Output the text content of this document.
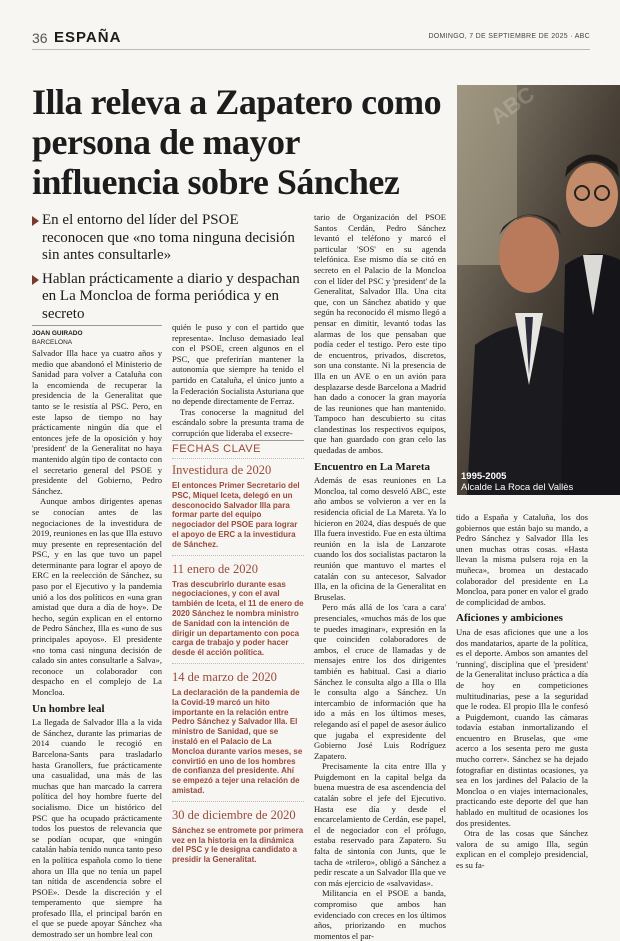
36 ESPAÑA	DOMINGO, 7 DE SEPTIEMBRE DE 2025 · ABC
Illa releva a Zapatero como persona de mayor influencia sobre Sánchez
En el entorno del líder del PSOE reconocen que «no toma ninguna decisión sin antes consultarle»
Hablan prácticamente a diario y despachan en La Moncloa de forma periódica y en secreto
JOAN GUIRADO
BARCELONA

Salvador Illa hace ya cuatro años y medio que abandonó el Ministerio de Sanidad para volver a Cataluña con la encomienda de recuperar la presidencia de la Generalitat que tanto se le resistía al PSC. Pero, en este lapso de tiempo no hay prácticamente ningún día que el entonces jefe de la oposición y hoy 'president' de la Generalitat no haya mantenido algún tipo de contacto con el secretario general del PSOE y presidente del Gobierno, Pedro Sánchez.

Aunque ambos dirigentes apenas se conocían antes de las negociaciones de la investidura de 2019, reuniones en las que Illa estuvo muy presente en representación del PSC, y en las que tuvo un papel determinante para lograr el apoyo de ERC en la reelección de Sánchez, su paso por el Ejecutivo y la pandemia unió a los dos políticos en «una gran amistad que dura a día de hoy». De hecho, según explican en el entorno de Pedro Sánchez, Illa es «uno de sus principales apoyos». El presidente «no toma casi ninguna decisión de calado sin antes consultarle a Salva», reconoce un colaborador con despacho en el complejo de La Moncloa.

Un hombre leal

La llegada de Salvador Illa a la vida de Sánchez, durante las primarias de 2014 cuando le recogió en Barcelona-Sants para trasladarlo hasta Granollers, fue prácticamente una casualidad, una más de las muchas que han marcado la carrera política del hoy hombre fuerte del socialismo. Dice un histórico del PSC que ha ocupado prácticamente todos los puestos de relevancia que se podían ocupar, que «ningún catalán había tenido nunca tanto peso en la política española como lo tiene ahora un Illa que no tenía un papel tan nítida de ascendencia sobre el PSOE». Desde la discreción y el temperamento que siempre ha profesado Illa, el principal barón en el que se puede apoyar Sánchez «ha demostrado ser un hombre leal con

quién le puso y con el partido que representa». Incluso demasiado leal con el PSOE, creen algunos en el PSC, que preferirían mantener la autonomía que siempre ha tenido el partido en Cataluña, el único junto a la Federación Socialista Asturiana que no depende directamente de Ferraz.

Tras conocerse la magnitud del escándalo sobre la presunta trama de corrupción que lideraba el exsecre-

FECHAS CLAVE
Investidura de 2020
El entonces Primer Secretario del PSC, Miquel Iceta, delegó en un desconocido Salvador Illa para formar parte del equipo negociador del PSOE para lograr el apoyo de ERC a la investidura de Sánchez.
11 enero de 2020
Tras descubrirlo durante esas negociaciones, y con el aval también de Iceta, el 11 de enero de 2020 Sánchez le nombra ministro de Sanidad con la intención de dirigir un departamento con poca carga de trabajo y poder hacer desde él acción política.
14 de marzo de 2020
La declaración de la pandemia de la Covid-19 marcó un hito importante en la relación entre Pedro Sánchez y Salvador Illa. El ministro de Sanidad, que se instaló en el Palacio de La Moncloa durante varios meses, se convirtió en uno de los hombres de confianza del presidente. Ahí se empezó a tejer una relación de amistad.
30 de diciembre de 2020
Sánchez se entromete por primera vez en la historia en la dinámica del PSC y le designa candidato a presidir la Generalitat.

tario de Organización del PSOE Santos Cerdán, Pedro Sánchez levantó el teléfono y marcó el particular 'SOS' en su agenda telefónica. Ese mismo día se citó en secreto en el Palacio de la Moncloa con el líder del PSC y 'president' de la Generalitat, Salvador Illa. Una cita que, con un Sánchez abatido y que según ha reconocido él mismo llegó a pensar en dimitir, levantó todas las alarmas de los que pensaban que podía ceder el testigo. Pero este tipo de encuentros, privados, discretos, son una constante. Ni la presencia de Illa en un AVE o en un avión para desplazarse desde Barcelona a Madrid han dado a conocer la gran mayoría de las reuniones que han mantenido. Tampoco han descubierto su citas clandestinas los respectivos equipos, que han guardado con gran celo las quedadas de ambos.

Encuentro en La Mareta

Además de esas reuniones en La Moncloa, tal como desveló ABC, este año ambos se volvieron a ver en la residencia oficial de La Mareta. Ya lo hicieron en 2024, días después de que Illa fuera investido. Fue en esta última reunión en la isla de Lanzarote cuando los dos socialistas pactaron la reunión que mantuvo el martes el catalán con su antecesor, Salvador Illa, en la oficina de la Generalitat en Bruselas.

Pero más allá de los 'cara a cara' presenciales, «muchos más de los que te puedes imaginar», expresión en la que coinciden colaboradores de ambos, el cruce de llamadas y de mensajes entre los dos dirigentes también es habitual. Casi a diario Sánchez le consulta algo a Illa o Illa le consulta algo a Sánchez. Un intercambio de información que ha ido a más en los últimos meses, relegando así el papel de asesor áulico que jugaba el expresidente del Gobierno José Luis Rodríguez Zapatero.

Precisamente la cita entre Illa y Puigdemont en la capital belga da buena muestra de esa ascendencia del catalán sobre el jefe del Ejecutivo. Hasta ese día y desde el encarcelamiento de Cerdán, ese papel, el de negociador con el prófugo, estaba reservado para Zapatero. Su falta de sintonía con Junts, que le tacha de «trilero», obligó a Sánchez a pedir rescate a un Salvador Illa que ve con más ejercicio de «salvavidas».

Militancia en el PSOE a banda, compromiso que ambos han evidenciado con creces en los últimos años, priorizando en muchos momentos el par-

ABC
1995-2005
Alcalde La Roca del Vallès

tido a España y Cataluña, los dos gobiernos que están bajo su mando, a Pedro Sánchez y Salvador Illa les unen muchas otras cosas. «Hasta llevan la misma pulsera roja en la muñeca», bromea un destacado colaborador del presidente en La Moncloa, para poner en valor el grado de complicidad de ambos.

Aficiones y ambiciones

Una de esas aficiones que une a los dos mandatarios, aparte de la política, es el deporte. Ambos son amantes del 'running', disciplina que el 'president' de la Generalitat incluso práctica a día de hoy en competiciones multitudinarias, pese a la seguridad que le rodea. El propio Illa le confesó a Puigdemont, cuando las cámaras todavía estaban inmortalizando el encuentro en Bruselas, que «me acerco a los sesenta pero me gusta mucho correr». Sánchez se ha dejado fotografiar en distintas ocasiones, ya sea en los jardines del Palacio de la Moncloa o en viajes internacionales, practicando este deporte del que han hablado en multitud de ocasiones los dos presidentes.

Otra de las cosas que Sánchez valora de su amigo Illa, según explican en el complejo presidencial, es su fa-
